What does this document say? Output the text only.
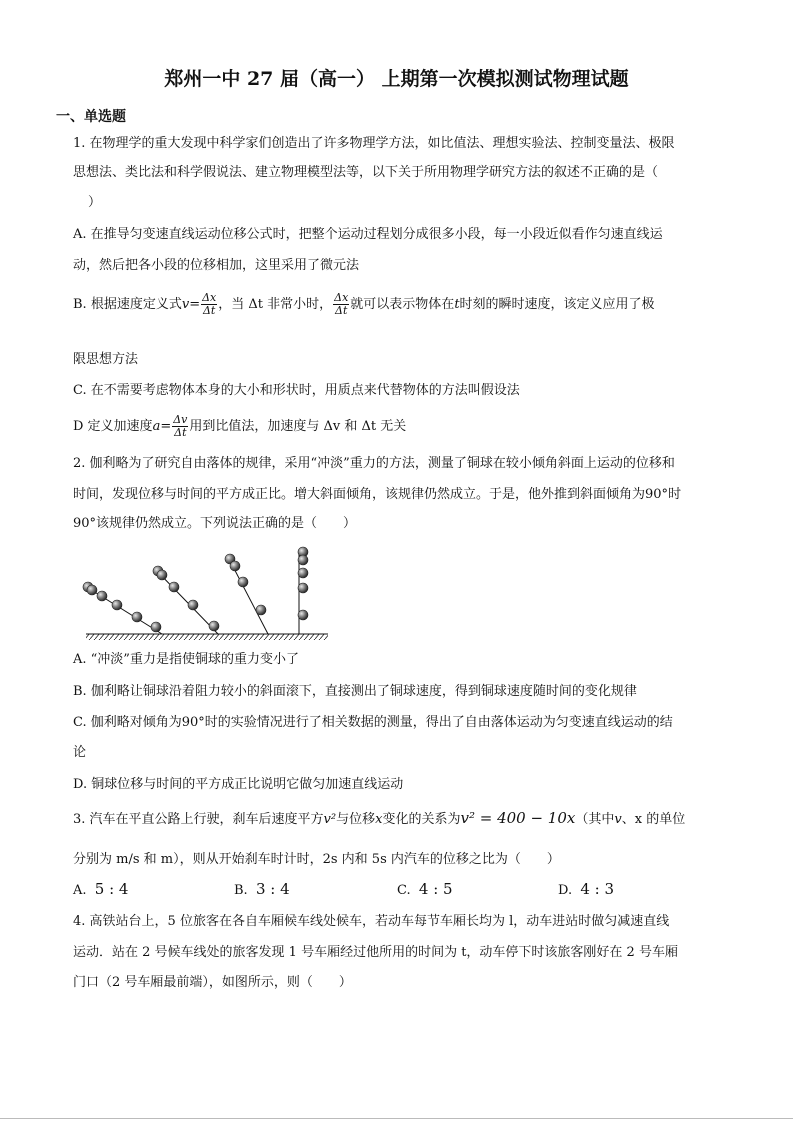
郑州一中 27 届（高一） 上期第一次模拟测试物理试题
一、单选题
1. 在物理学的重大发现中科学家们创造出了许多物理学方法，如比值法、理想实验法、控制变量法、极限
思想法、类比法和科学假说法、建立物理模型法等，以下关于所用物理学研究方法的叙述不正确的是（
）
A. 在推导匀变速直线运动位移公式时，把整个运动过程划分成很多小段，每一小段近似看作匀速直线运
动，然后把各小段的位移相加，这里采用了微元法
B. 根据速度定义式$v= \frac{\Delta x}{\Delta t}$ ，当 Δt 非常小时， $\frac{\Delta x}{\Delta t}$ 就可以表示物体在t时刻的瞬时速度，该定义应用了极
限思想方法
C. 在不需要考虑物体本身的大小和形状时，用质点来代替物体的方法叫假设法
D 定义加速度$a= \frac{\Delta v}{\Delta t}$ 用到比值法，加速度与 Δv 和 Δt 无关
2. 伽利略为了研究自由落体的规律，采用“冲淡”重力的方法，测量了铜球在较小倾角斜面上运动的位移和
时间，发现位移与时间的平方成正比。增大斜面倾角，该规律仍然成立。于是，他外推到斜面倾角为90°时
90°该规律仍然成立。下列说法正确的是（　　）
A. “冲淡”重力是指使铜球的重力变小了
B. 伽利略让铜球沿着阻力较小的斜面滚下，直接测出了铜球速度，得到铜球速度随时间的变化规律
C. 伽利略对倾角为90°时的实验情况进行了相关数据的测量，得出了自由落体运动为匀变速直线运动的结
论
D. 铜球位移与时间的平方成正比说明它做匀加速直线运动
3. 汽车在平直公路上行驶，刹车后速度平方v²与位移x变化的关系为v² = 400 − 10x（其中v、x 的单位
分别为 m/s 和 m），则从开始刹车时计时，2s 内和 5s 内汽车的位移之比为（　　）
A. 5 : 4	B. 3 : 4	C. 4 : 5	D. 4 : 3
4. 高铁站台上，5 位旅客在各自车厢候车线处候车，若动车每节车厢长均为 l，动车进站时做匀减速直线
运动．站在 2 号候车线处的旅客发现 1 号车厢经过他所用的时间为 t，动车停下时该旅客刚好在 2 号车厢
门口（2 号车厢最前端），如图所示，则（　　）
